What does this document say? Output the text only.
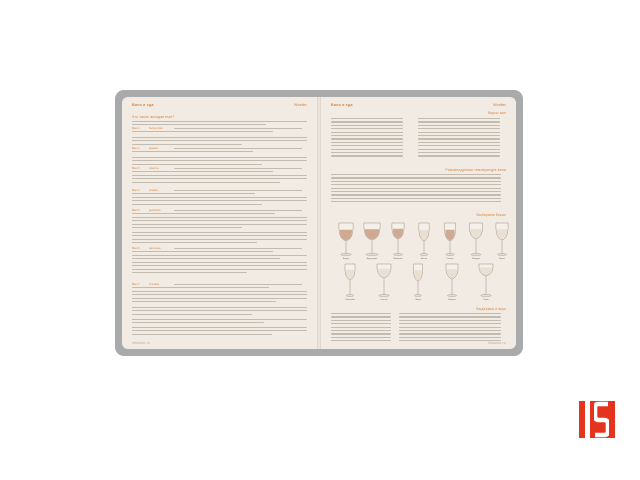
Вино и еда	Wineflex
Что такое аксидантное?
Вино 1	белое сухое
Вино 2	красное
Вино 3	игристое
Вино 4	розовое
Вино 5	десертное
Вино 6	крепленое
Вино 7	столовое
infusion.ru
Вино и еда	Wineflex
Вкусы вин
Рекомендуемая температура вина
Выбираем бокал
Бордо	Бургундия	Шампань	Белое	Сотерн	Мадера	Херес
Портвейн	Коньяк	Ликер	Вермут	Пунш
Выдержка и вкус
infusion.ru
